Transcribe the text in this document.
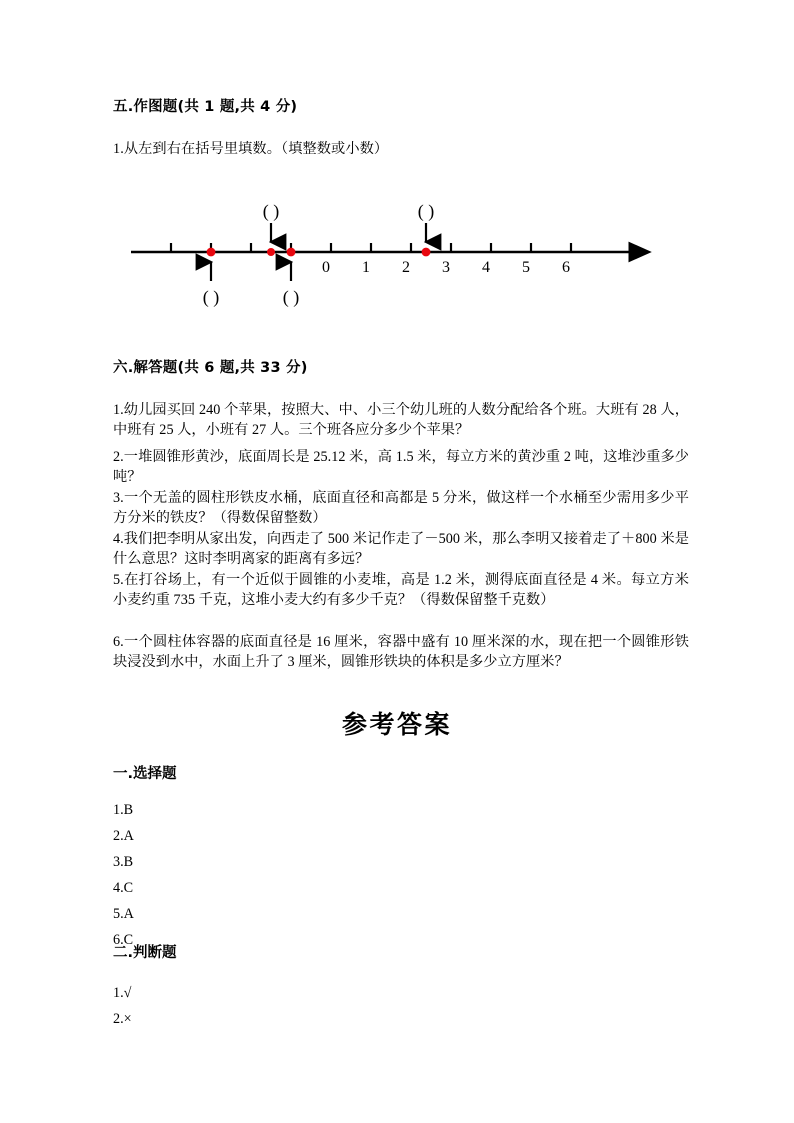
五.作图题(共 1 题,共 4 分)
1.从左到右在括号里填数。（填整数或小数）
0 1 2 3 4 5 6
( )	( )
( )	( )
六.解答题(共 6 题,共 33 分)
1.幼儿园买回 240 个苹果，按照大、中、小三个幼儿班的人数分配给各个班。大班有 28 人，中班有 25 人，小班有 27 人。三个班各应分多少个苹果？
2.一堆圆锥形黄沙，底面周长是 25.12 米，高 1.5 米，每立方米的黄沙重 2 吨，这堆沙重多少吨？
3.一个无盖的圆柱形铁皮水桶，底面直径和高都是 5 分米，做这样一个水桶至少需用多少平方分米的铁皮？（得数保留整数）
4.我们把李明从家出发，向西走了 500 米记作走了－500 米，那么李明又接着走了＋800 米是什么意思？这时李明离家的距离有多远？
5.在打谷场上，有一个近似于圆锥的小麦堆，高是 1.2 米，测得底面直径是 4 米。每立方米小麦约重 735 千克，这堆小麦大约有多少千克？（得数保留整千克数）
6.一个圆柱体容器的底面直径是 16 厘米，容器中盛有 10 厘米深的水，现在把一个圆锥形铁块浸没到水中，水面上升了 3 厘米，圆锥形铁块的体积是多少立方厘米？
参考答案
一.选择题
1.B
2.A
3.B
4.C
5.A
6.C
二.判断题
1.√
2.×
